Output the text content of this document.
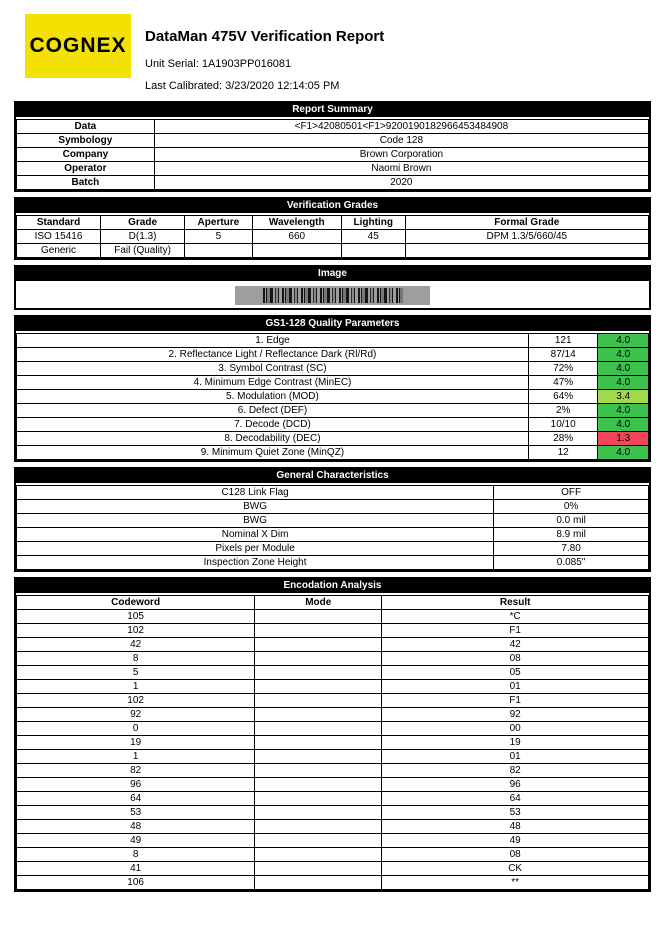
COGNEX DataMan 475V Verification Report
Unit Serial: 1A1903PP016081
Last Calibrated: 3/23/2020 12:14:05 PM
Report Summary
Data	<F1>42080501<F1>9200190182966453484908
Symbology	Code 128
Company	Brown Corporation
Operator	Naomi Brown
Batch	2020
Verification Grades
Standard	Grade	Aperture	Wavelength	Lighting	Formal Grade
ISO 15416	D(1.3)	5	660	45	DPM 1.3/5/660/45
Generic	Fail (Quality)				
Image
GS1-128 Quality Parameters
1. Edge	121	4.0
2. Reflectance Light / Reflectance Dark (Rl/Rd)	87/14	4.0
3. Symbol Contrast (SC)	72%	4.0
4. Minimum Edge Contrast (MinEC)	47%	4.0
5. Modulation (MOD)	64%	3.4
6. Defect (DEF)	2%	4.0
7. Decode (DCD)	10/10	4.0
8. Decodability (DEC)	28%	1.3
9. Minimum Quiet Zone (MinQZ)	12	4.0
General Characteristics
C128 Link Flag	OFF
BWG	0%
BWG	0.0 mil
Nominal X Dim	8.9 mil
Pixels per Module	7.80
Inspection Zone Height	0.085"
Encodation Analysis
Codeword	Mode	Result
105		*C
102		F1
42		42
8		08
5		05
1		01
102		F1
92		92
0		00
19		19
1		01
82		82
96		96
64		64
53		53
48		48
49		49
8		08
41		CK
106		**
